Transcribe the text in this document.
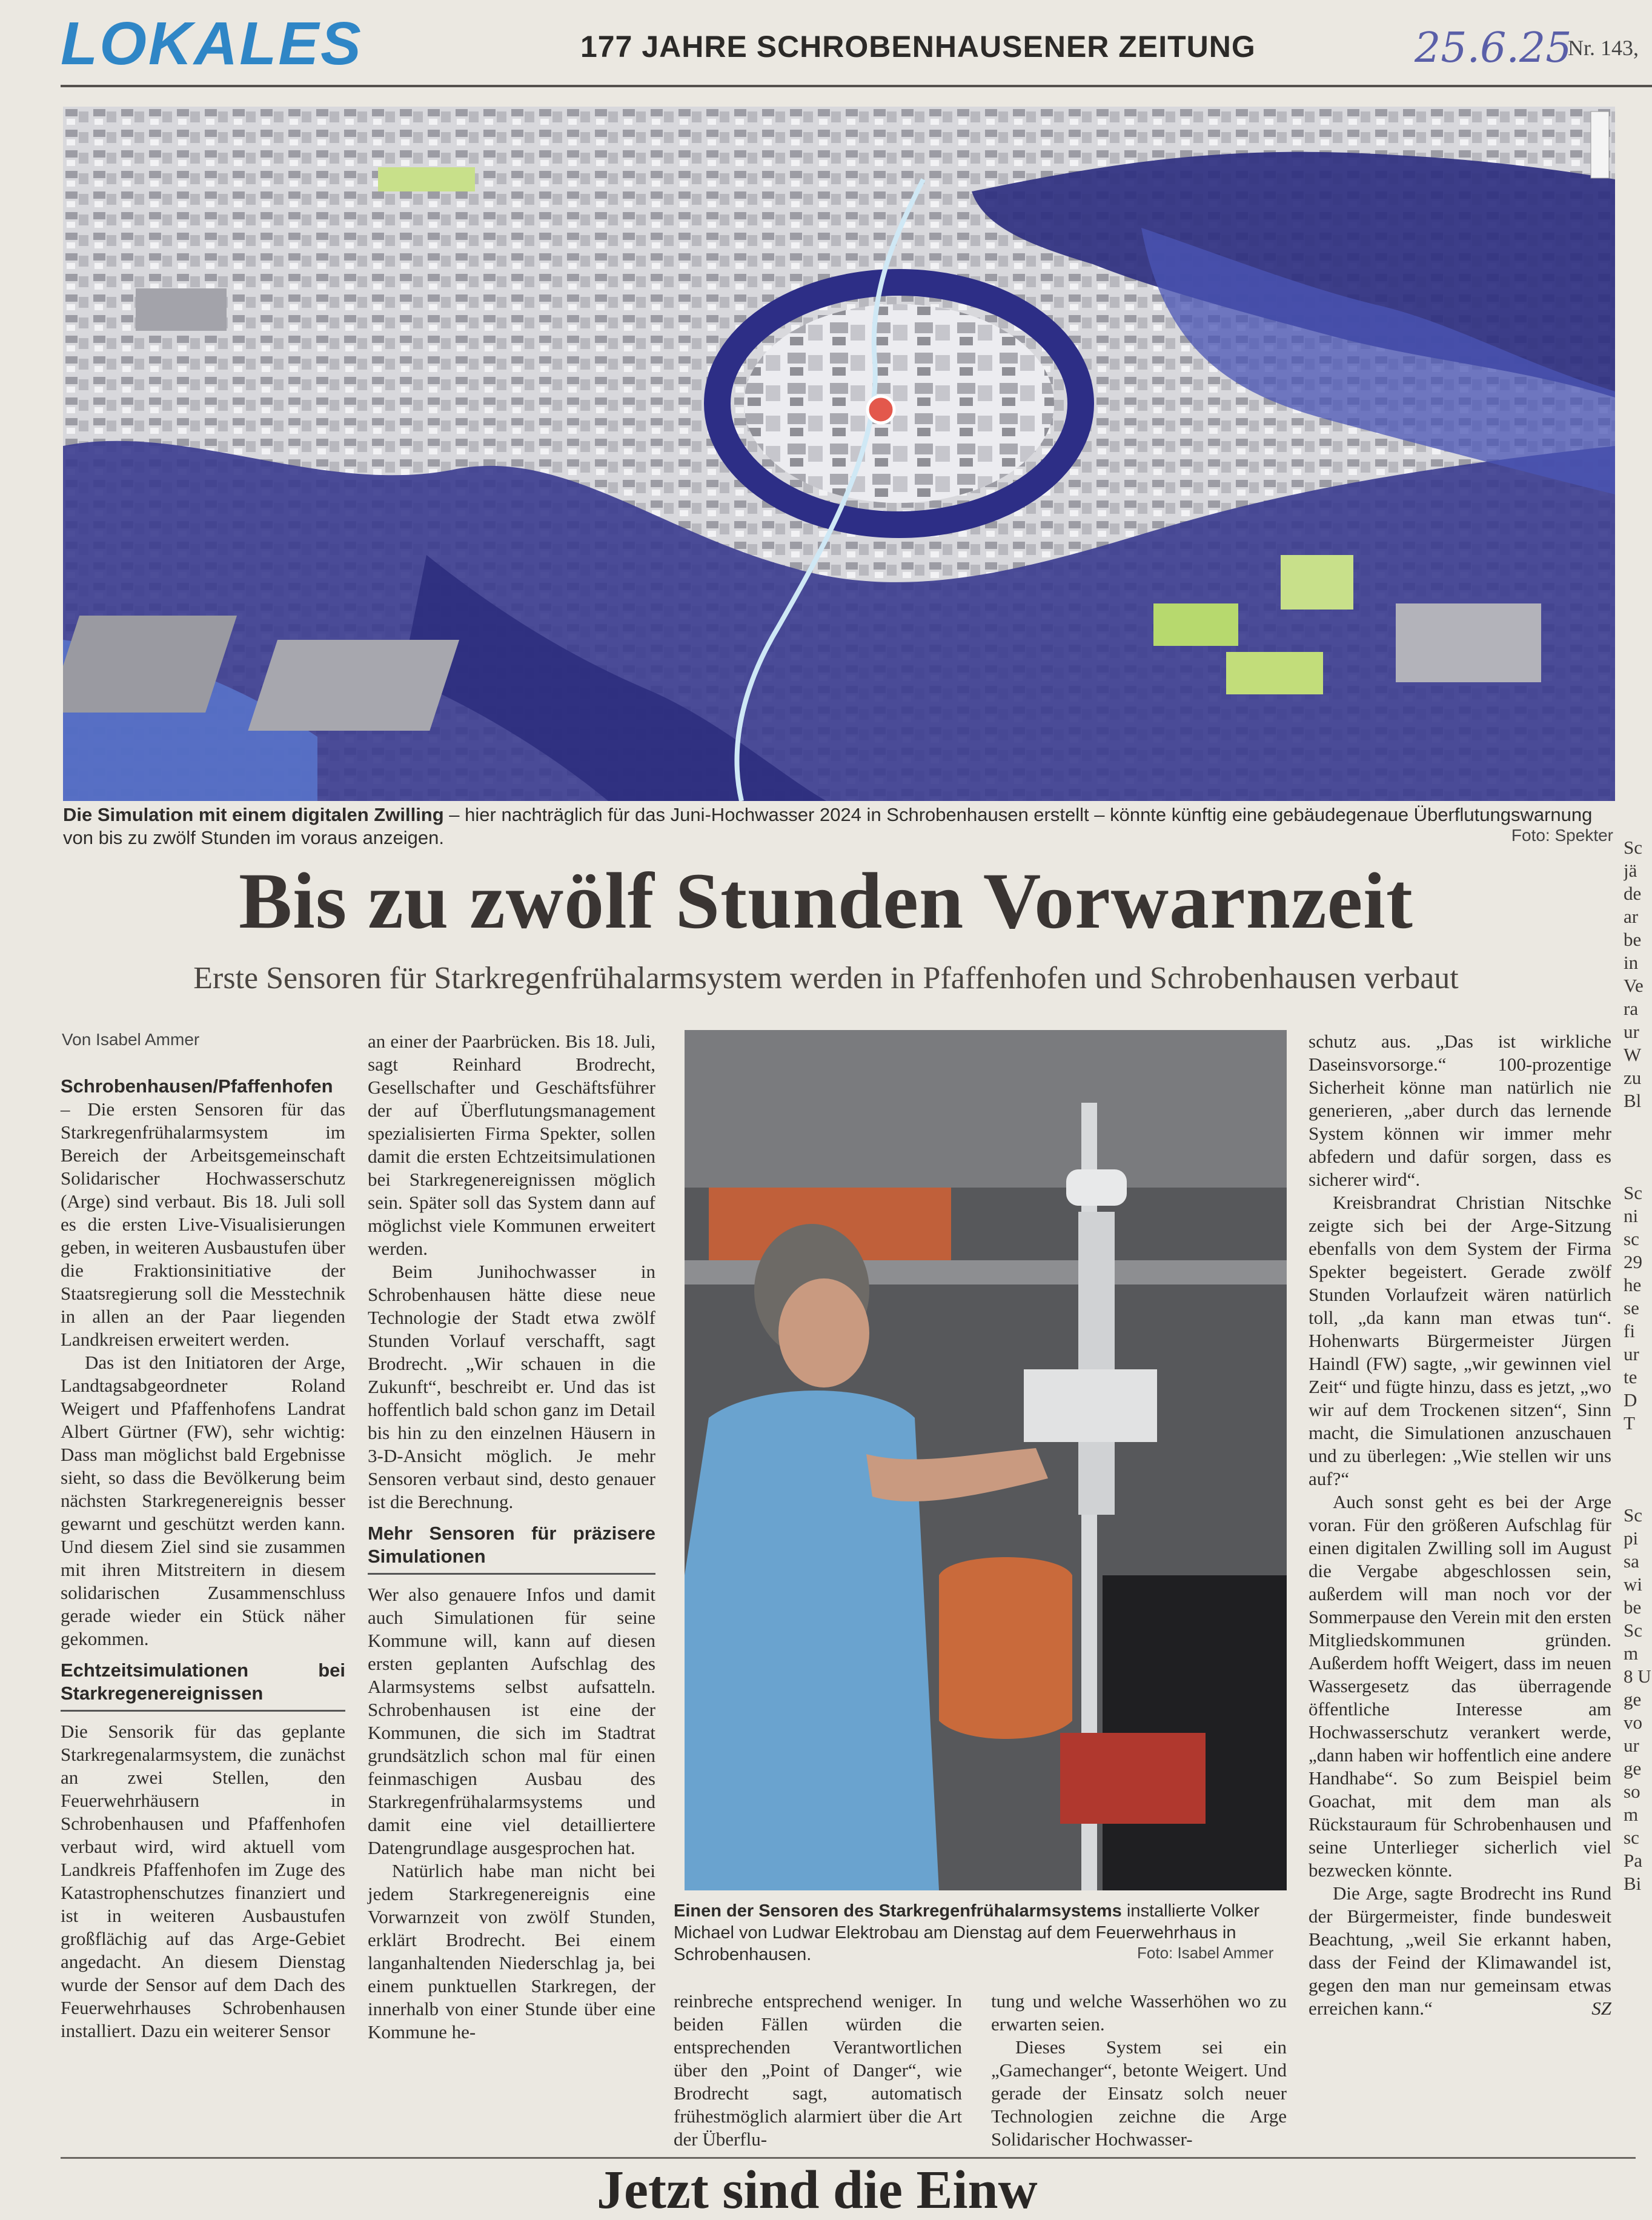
LOKALES	177 JAHRE SCHROBENHAUSENER ZEITUNG	25.6.25
Nr. 143,
Die Simulation mit einem digitalen Zwilling – hier nachträglich für das Juni-Hochwasser 2024 in Schrobenhausen erstellt – könnte künftig eine gebäudegenaue Überflutungswarnung von bis zu zwölf Stunden im voraus anzeigen.	Foto: Spekter
Bis zu zwölf Stunden Vorwarnzeit
Erste Sensoren für Starkregenfrühalarmsystem werden in Pfaffenhofen und Schrobenhausen verbaut
Von Isabel Ammer

Schrobenhausen/Pfaffenhofen – Die ersten Sensoren für das Starkregenfrühalarmsystem im Bereich der Arbeitsgemeinschaft Solidarischer Hochwasserschutz (Arge) sind verbaut. Bis 18. Juli soll es die ersten Live-Visualisierungen geben, in weiteren Ausbaustufen über die Fraktionsinitiative der Staatsregierung soll die Messtechnik in allen an der Paar liegenden Landkreisen erweitert werden.

Das ist den Initiatoren der Arge, Landtagsabgeordneter Roland Weigert und Pfaffenhofens Landrat Albert Gürtner (FW), sehr wichtig: Dass man möglichst bald Ergebnisse sieht, so dass die Bevölkerung beim nächsten Starkregenereignis besser gewarnt und geschützt werden kann. Und diesem Ziel sind sie zusammen mit ihren Mitstreitern in diesem solidarischen Zusammenschluss gerade wieder ein Stück näher gekommen.

Echtzeitsimulationen bei Starkregenereignissen

Die Sensorik für das geplante Starkregenalarmsystem, die zunächst an zwei Stellen, den Feuerwehrhäusern in Schrobenhausen und Pfaffenhofen verbaut wird, wird aktuell vom Landkreis Pfaffenhofen im Zuge des Katastrophenschutzes finanziert und ist in weiteren Ausbaustufen großflächig auf das Arge-Gebiet angedacht. An diesem Dienstag wurde der Sensor auf dem Dach des Feuerwehrhauses Schrobenhausen installiert. Dazu ein weiterer Sensor

an einer der Paarbrücken. Bis 18. Juli, sagt Reinhard Brodrecht, Gesellschafter und Geschäftsführer der auf Überflutungsmanagement spezialisierten Firma Spekter, sollen damit die ersten Echtzeitsimulationen bei Starkregenereignissen möglich sein. Später soll das System dann auf möglichst viele Kommunen erweitert werden.

Beim Junihochwasser in Schrobenhausen hätte diese neue Technologie der Stadt etwa zwölf Stunden Vorlauf verschafft, sagt Brodrecht. „Wir schauen in die Zukunft“, beschreibt er. Und das ist hoffentlich bald schon ganz im Detail bis hin zu den einzelnen Häusern in 3-D-Ansicht möglich. Je mehr Sensoren verbaut sind, desto genauer ist die Berechnung.

Mehr Sensoren für präzisere Simulationen

Wer also genauere Infos und damit auch Simulationen für seine Kommune will, kann auf diesen ersten geplanten Aufschlag des Alarmsystems selbst aufsatteln. Schrobenhausen ist eine der Kommunen, die sich im Stadtrat grundsätzlich schon mal für einen feinmaschigen Ausbau des Starkregenfrühalarmsystems und damit eine viel detailliertere Datengrundlage ausgesprochen hat.

Natürlich habe man nicht bei jedem Starkregenereignis eine Vorwarnzeit von zwölf Stunden, erklärt Brodrecht. Bei einem langanhaltenden Niederschlag ja, bei einem punktuellen Starkregen, der innerhalb von einer Stunde über eine Kommune he-

Einen der Sensoren des Starkregenfrühalarmsystems installierte Volker Michael von Ludwar Elektrobau am Dienstag auf dem Feuerwehrhaus in Schrobenhausen.	Foto: Isabel Ammer

reinbreche entsprechend weniger. In beiden Fällen würden die entsprechenden Verantwortlichen über den „Point of Danger“, wie Brodrecht sagt, automatisch frühestmöglich alarmiert über die Art der Überflu-

tung und welche Wasserhöhen wo zu erwarten seien.

Dieses System sei ein „Gamechanger“, betonte Weigert. Und gerade der Einsatz solch neuer Technologien zeichne die Arge Solidarischer Hochwasser-

schutz aus. „Das ist wirkliche Daseinsvorsorge.“ 100-prozentige Sicherheit könne man natürlich nie generieren, „aber durch das lernende System können wir immer mehr abfedern und dafür sorgen, dass es sicherer wird“.

Kreisbrandrat Christian Nitschke zeigte sich bei der Arge-Sitzung ebenfalls von dem System der Firma Spekter begeistert. Gerade zwölf Stunden Vorlaufzeit wären natürlich toll, „da kann man etwas tun“. Hohenwarts Bürgermeister Jürgen Haindl (FW) sagte, „wir gewinnen viel Zeit“ und fügte hinzu, dass es jetzt, „wo wir auf dem Trockenen sitzen“, Sinn macht, die Simulationen anzuschauen und zu überlegen: „Wie stellen wir uns auf?“

Auch sonst geht es bei der Arge voran. Für den größeren Aufschlag für einen digitalen Zwilling soll im August die Vergabe abgeschlossen sein, außerdem will man noch vor der Sommerpause den Verein mit den ersten Mitgliedskommunen gründen. Außerdem hofft Weigert, dass im neuen Wassergesetz das überragende öffentliche Interesse am Hochwasserschutz verankert werde, „dann haben wir hoffentlich eine andere Handhabe“. So zum Beispiel beim Goachat, mit dem man als Rückstauraum für Schrobenhausen und seine Unterlieger sicherlich viel bezwecken könnte.

Die Arge, sagte Brodrecht ins Rund der Bürgermeister, finde bundesweit Beachtung, „weil Sie erkannt haben, dass der Feind der Klimawandel ist, gegen den man nur gemeinsam etwas erreichen kann.“	SZ

Sc
jä
de
ar
be
in
Ve
ra
ur
W
zu
Bl

Sc
ni
sc
29
he
se
fi
ur
te
D
T

Sc
pi
sa
wi
be
Sc
m
8 U
ge
vo
ur
ge
so
m
sc
Pa
Bi
Jetzt sind die Einw
